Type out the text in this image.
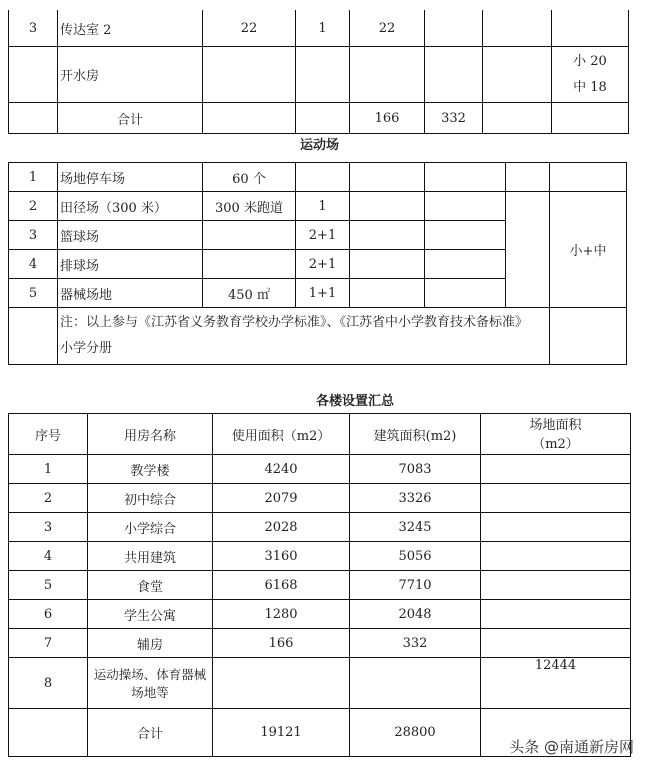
3	传达室 2	22	1	22			
	开水房						小 20
中 18
	合计			166	332		
运动场
1	场地停车场	60 个					
2	田径场（300 米）	300 米跑道	1				小+中
3	篮球场		2+1				
4	排球场		2+1				
5	器械场地	450 ㎡	1+1				

	注：以上参与《江苏省义务教育学校办学标准》、《江苏省中小学教育技术备标准》
小学分册						

各楼设置汇总
序号	用房名称	使用面积（m2）	建筑面积(m2)	场地面积（m2）
1	教学楼	4240	7083	
2	初中综合	2079	3326	
3	小学综合	2028	3245	
4	共用建筑	3160	5056	
5	食堂	6168	7710	
6	学生公寓	1280	2048	
7	辅房	166	332	
8	运动操场、体育器械场地等			12444
	合计	19121	28800	
头条 @南通新房网
